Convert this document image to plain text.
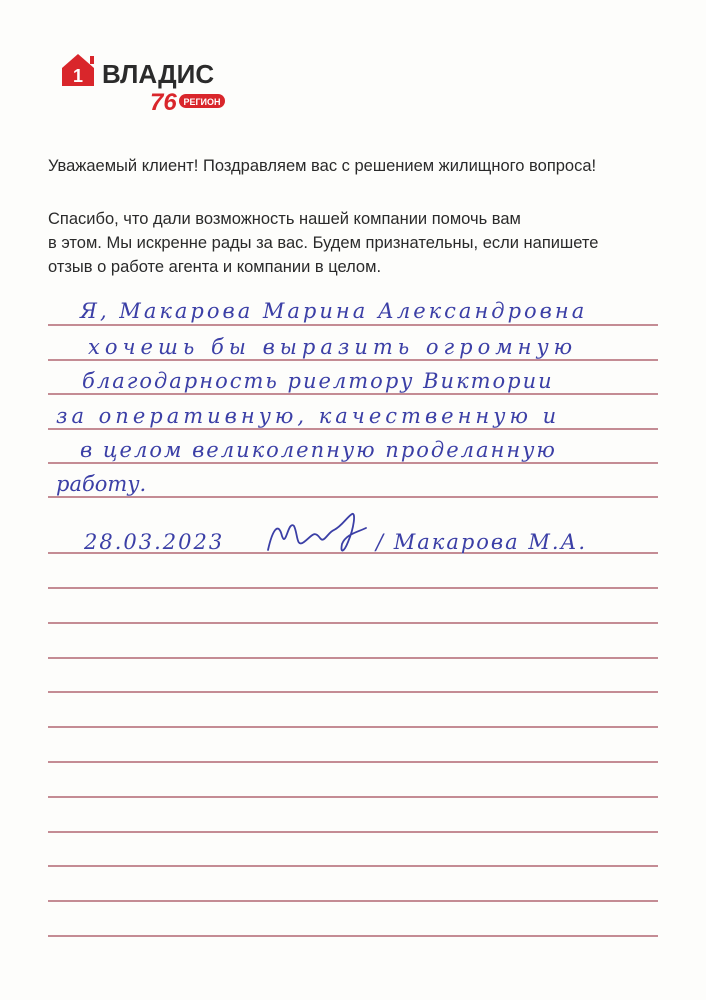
1 ВЛАДИС
76 РЕГИОН

Уважаемый клиент! Поздравляем вас с решением жилищного вопроса!

Спасибо, что дали возможность нашей компании помочь вам
в этом. Мы искренне рады за вас. Будем признательны, если напишете
отзыв о работе агента и компании в целом.

Я, Макарова Марина Александровна
хочешь бы выразить огромную
благодарность риелтору Виктории
за оперативную, качественную и
в целом великолепную проделанную
работу.
28.03.2023	/ Макарова М.А.
